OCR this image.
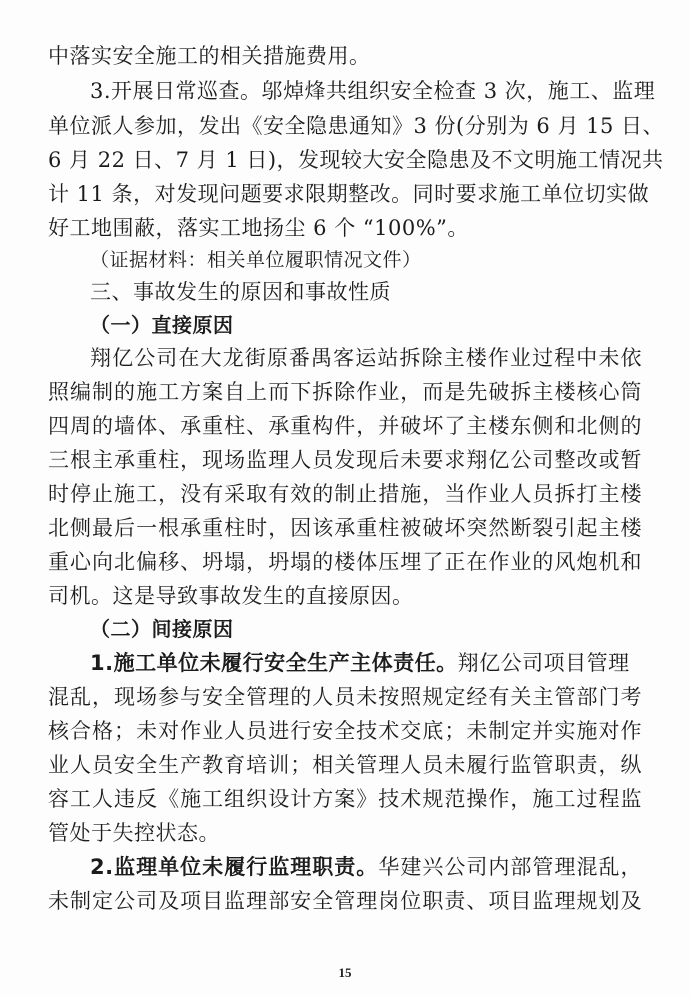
中落实安全施工的相关措施费用。
3.开展日常巡查。邬焯烽共组织安全检查 3 次，施工、监理
单位派人参加，发出《安全隐患通知》3 份(分别为 6 月 15 日、
6 月 22 日、7 月 1 日)，发现较大安全隐患及不文明施工情况共
计 11 条，对发现问题要求限期整改。同时要求施工单位切实做
好工地围蔽，落实工地扬尘 6 个 “100%”。
（证据材料：相关单位履职情况文件）
三、事故发生的原因和事故性质
（一）直接原因
翔亿公司在大龙街原番禺客运站拆除主楼作业过程中未依
照编制的施工方案自上而下拆除作业，而是先破拆主楼核心筒
四周的墙体、承重柱、承重构件，并破坏了主楼东侧和北侧的
三根主承重柱，现场监理人员发现后未要求翔亿公司整改或暂
时停止施工，没有采取有效的制止措施，当作业人员拆打主楼
北侧最后一根承重柱时，因该承重柱被破坏突然断裂引起主楼
重心向北偏移、坍塌，坍塌的楼体压埋了正在作业的风炮机和
司机。这是导致事故发生的直接原因。
（二）间接原因
1.施工单位未履行安全生产主体责任。翔亿公司项目管理
混乱，现场参与安全管理的人员未按照规定经有关主管部门考
核合格；未对作业人员进行安全技术交底；未制定并实施对作
业人员安全生产教育培训；相关管理人员未履行监管职责，纵
容工人违反《施工组织设计方案》技术规范操作，施工过程监
管处于失控状态。
2.监理单位未履行监理职责。华建兴公司内部管理混乱，
未制定公司及项目监理部安全管理岗位职责、项目监理规划及
15
